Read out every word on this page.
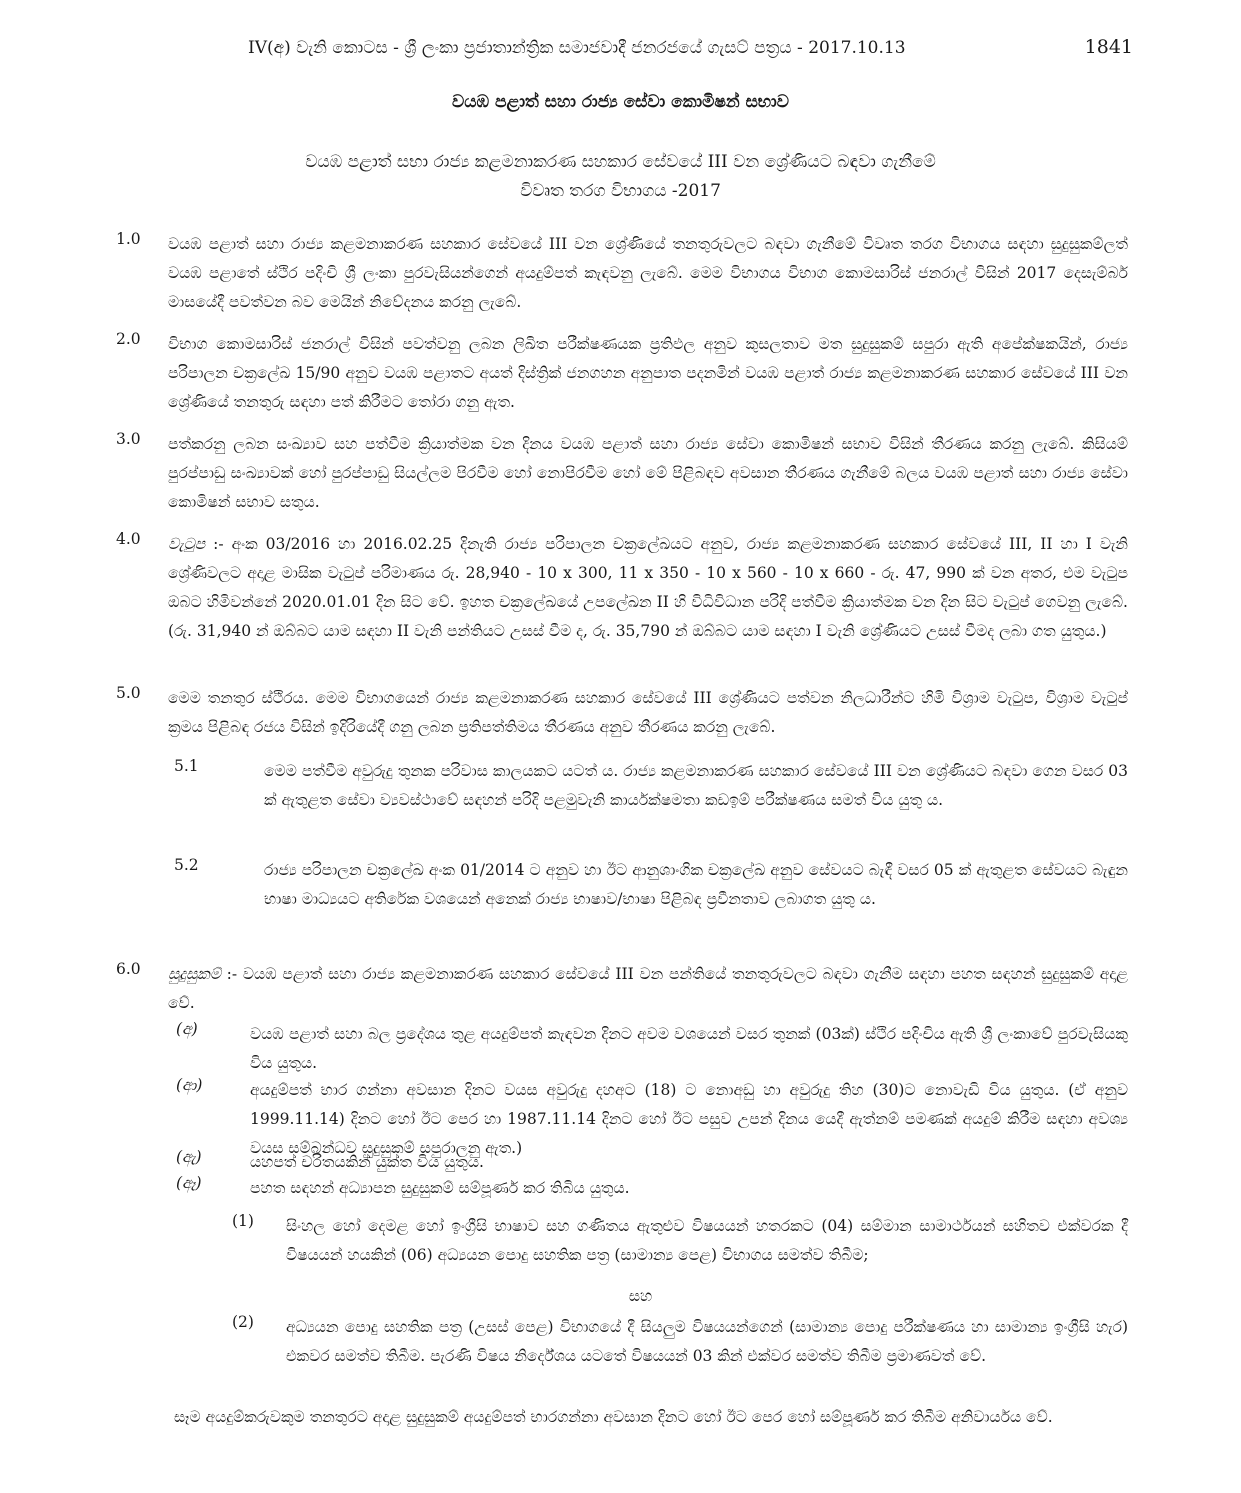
IV(අ) වැනි කොටස - ශ්‍රී ලංකා ප්‍රජාතාන්ත්‍රික සමාජවාදී ජනරජයේ ගැසට් පත්‍රය - 2017.10.13	1841
වයඹ පළාත් සහා රාජ්‍ය සේවා කොමිෂන් සභාව
වයඹ පළාත් සභා රාජ්‍ය කළමනාකරණ සහකාර සේවයේ III වන ශ්‍රේණියට බඳවා ගැනීමේ
විවෘත තරග විභාගය -2017
1.0	වයඹ පළාත් සහා රාජ්‍ය කළමනාකරණ සහකාර සේවයේ III වන ශ්‍රේණියේ තනතුරුවලට බඳවා ගැනීමේ විවෘත තරග විභාගය සඳහා සුදුසුකම්ලත් වයඹ පළාතේ ස්ථිර පදිංචි ශ්‍රී ලංකා පුරවැසියන්ගෙන් අයදුම්පත් කැඳවනු ලැබේ. මෙම විභාගය විභාග කොමසාරිස් ජනරාල් විසින් 2017 දෙසැම්බර් මාසයේදී පවත්වන බව මෙයින් නිවේදනය කරනු ලැබේ.
2.0	විභාග කොමසාරිස් ජනරාල් විසින් පවත්වනු ලබන ලිඛිත පරීක්ෂණයක ප්‍රතිඵල අනුව කුසලතාව මත සුදුසුකම් සපුරා ඇති අපේක්ෂකයින්, රාජ්‍ය පරිපාලන චක්‍රලේඛ 15/90 අනුව වයඹ පළාතට අයත් දිස්ත්‍රික් ජනගහන අනුපාත පදනමින් වයඹ පළාත් රාජ්‍ය කළමනාකරණ සහකාර සේවයේ III වන ශ්‍රේණියේ තනතුරු සඳහා පත් කිරීමට තෝරා ගනු ඇත.
3.0	පත්කරනු ලබන සංඛ්‍යාව සහ පත්වීම ක්‍රියාත්මක වන දිනය වයඹ පළාත් සහා රාජ්‍ය සේවා කොමිෂන් සභාව විසින් තීරණය කරනු ලැබේ. කිසියම් පුරප්පාඩු සංඛ්‍යාවක් හෝ පුරප්පාඩු සියල්ලම පිරවීම හෝ නොපිරවීම හෝ මේ පිළිබඳව අවසාන තීරණය ගැනීමේ බලය වයඹ පළාත් සහා රාජ්‍ය සේවා කොමිෂන් සභාව සතුය.
4.0	වැටුප :- අංක 03/2016 හා 2016.02.25 දිනැති රාජ්‍ය පරිපාලන චක්‍රලේඛයට අනුව, රාජ්‍ය කළමනාකරණ සහකාර සේවයේ III, II හා I වැනි ශ්‍රේණිවලට අදාළ මාසික වැටුප් පරිමාණය රු. 28,940 - 10 x 300, 11 x 350 - 10 x 560 - 10 x 660 - රු. 47, 990 ක් වන අතර, එම වැටුප ඔබට හිමිවන්නේ 2020.01.01 දින සිට වේ. ඉහත චක්‍රලේඛයේ උපලේඛන II හි විධිවිධාන පරිදි පත්වීම ක්‍රියාත්මක වන දින සිට වැටුප් ගෙවනු ලැබේ. (රු. 31,940 න් ඔබ්බට යාම සඳහා II වැනි පන්තියට උසස් වීම ද, රු. 35,790 න් ඔබ්බට යාම සඳහා I වැනි ශ්‍රේණියට උසස් වීමද ලබා ගත යුතුය.)
5.0	මෙම තනතුර ස්ථිරය. මෙම විභාගයෙන් රාජ්‍ය කළමනාකරණ සහකාර සේවයේ III ශ්‍රේණියට පත්වන නිලධාරීන්ට හිමි විශ්‍රාම වැටුප, විශ්‍රාම වැටුප් ක්‍රමය පිළිබඳ රජය විසින් ඉදිරියේදී ගනු ලබන ප්‍රතිපත්තිමය තීරණය අනුව තීරණය කරනු ලැබේ.
5.1	මෙම පත්වීම අවුරුදු තුනක පරිවාස කාලයකට යටත් ය. රාජ්‍ය කළමනාකරණ සහකාර සේවයේ III වන ශ්‍රේණියට බඳවා ගෙන වසර 03 ක් ඇතුළත සේවා ව්‍යවස්ථාවේ සඳහන් පරිදි පළමුවැනි කාර්යක්ෂමතා කඩඉම් පරීක්ෂණය සමත් විය යුතු ය.
5.2	රාජ්‍ය පරිපාලන චක්‍රලේඛ අංක 01/2014 ට අනුව හා ඊට ආනුශාංගික චක්‍රලේඛ අනුව සේවයට බැඳී වසර 05 ක් ඇතුළත සේවයට බැඳුන භාෂා මාධ්‍යයට අතිරේක වශයෙන් අනෙක් රාජ්‍ය භාෂාව/භාෂා පිළිබඳ ප්‍රවීනතාව ලබාගත යුතු ය.
6.0	සුදුසුකම් :- වයඹ පළාත් සහා රාජ්‍ය කළමනාකරණ සහකාර සේවයේ III වන පන්තියේ තනතුරුවලට බඳවා ගැනීම සඳහා පහත සඳහන් සුදුසුකම් අදාළ වේ.
(අ)	වයඹ පළාත් සහා බල ප්‍රදේශය තුළ අයදුම්පත් කැඳවන දිනට අවම වශයෙන් වසර තුනක් (03ක්) ස්ථිර පදිංචිය ඇති ශ්‍රී ලංකාවේ පුරවැසියකු විය යුතුය.
(ආ)	අයදුම්පත් භාර ගන්නා අවසාන දිනට වයස අවුරුදු දහඅට (18) ට නොඅඩු හා අවුරුදු තිහ (30)ට නොවැඩි විය යුතුය. (ඒ අනුව 1999.11.14) දිනට හෝ ඊට පෙර හා 1987.11.14 දිනට හෝ ඊට පසුව උපන් දිනය යෙදී ඇත්නම් පමණක් අයදුම් කිරීම සඳහා අවශ්‍ය වයස සම්බන්ධව සුදුසුකම් සපුරාලනු ඇත.)
(ඇ)	යහපත් චරිතයකින් යුක්ත විය යුතුය.
(ඈ)	පහත සඳහන් අධ්‍යාපන සුදුසුකම් සම්පූර්ණ කර තිබිය යුතුය.
(1)	සිංහල හෝ දෙමළ හෝ ඉංග්‍රීසි භාෂාව සහ ගණිතය ඇතුළුව විෂයයන් හතරකට (04) සම්මාන සාමාර්ථයන් සහිතව එක්වරක දී විෂයයන් හයකින් (06) අධ්‍යයන පොදු සහතික පත්‍ර (සාමාන්‍ය පෙළ) විභාගය සමත්ව තිබීම;
සහ
(2)	අධ්‍යයන පොදු සහතික පත්‍ර (උසස් පෙළ) විභාගයේ දී සියලුම විෂයයන්ගෙන් (සාමාන්‍ය පොදු පරීක්ෂණය හා සාමාන්‍ය ඉංග්‍රීසි හැර) එකවර සමත්ව තිබීම. පැරණි විෂය නිර්දේශය යටතේ විෂයයන් 03 කින් එක්වර සමත්ව තිබීම ප්‍රමාණවත් වේ.
සෑම අයදුම්කරුවකුම තනතුරට අදාළ සුදුසුකම් අයදුම්පත් භාරගන්නා අවසාන දිනට හෝ ඊට පෙර හෝ සම්පූර්ණ කර තිබීම අනිවාර්යය වේ.
